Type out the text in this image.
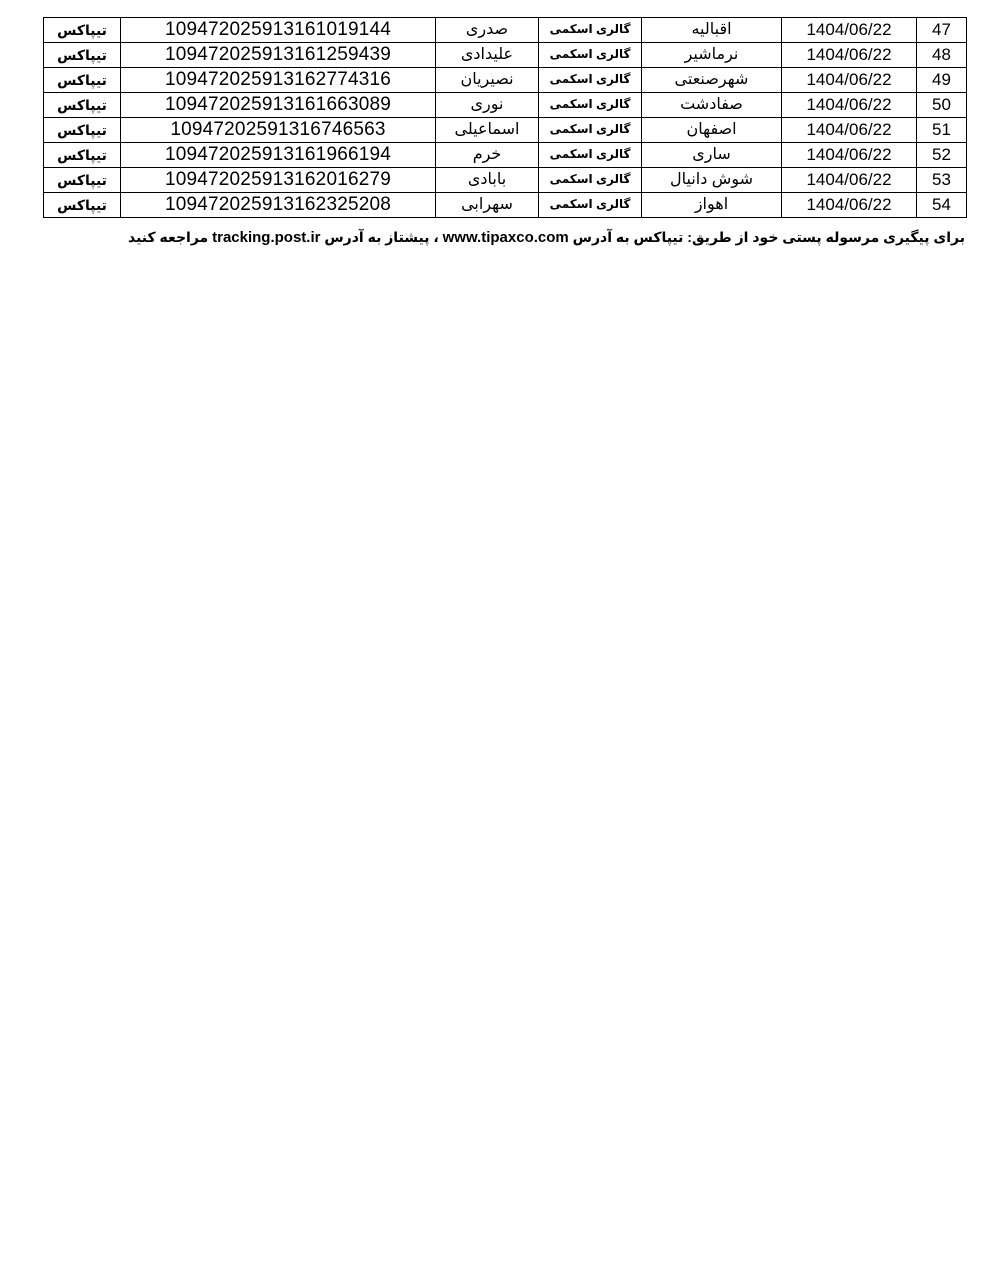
47	1404/06/22	اقبالیه	گالری اسکمی	صدری	10947202591316101914​4	تیپاکس
48	1404/06/22	نرماشیر	گالری اسکمی	علیدادی	109472025913161259439	تیپاکس
49	1404/06/22	شهرصنعتی	گالری اسکمی	نصیریان	109472025913162774316	تیپاکس
50	1404/06/22	صفادشت	گالری اسکمی	نوری	109472025913161663089	تیپاکس
51	1404/06/22	اصفهان	گالری اسکمی	اسماعیلی	10947202591316746563	تیپاکس
52	1404/06/22	ساری	گالری اسکمی	خرم	109472025913161966194	تیپاکس
53	1404/06/22	شوش دانیال	گالری اسکمی	بابادی	109472025913162016279	تیپاکس
54	1404/06/22	اهواز	گالری اسکمی	سهرابی	109472025913162325208	تیپاکس
برای پیگیری مرسوله پستی خود از طریق: تیپاکس به آدرس www.tipaxco.com ، پیشتاز به آدرس tracking.post.ir مراجعه کنید
